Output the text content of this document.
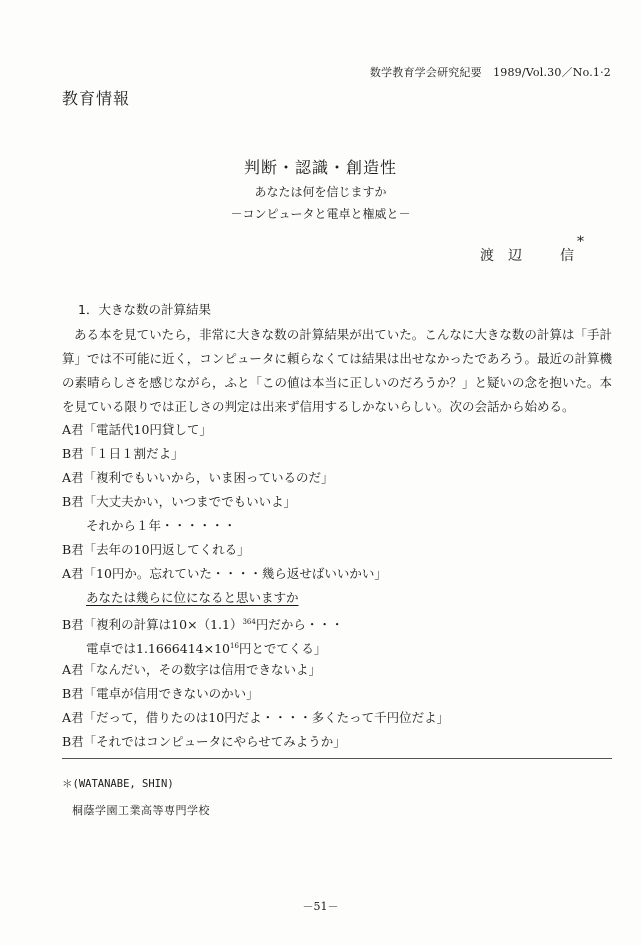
数学教育学会研究紀要　1989/Vol.30／No.1·2
教育情報
判断・認識・創造性
あなたは何を信じますか
－コンピュータと電卓と権威と－
渡　辺	信
*
1．大きな数の計算結果

ある本を見ていたら，非常に大きな数の計算結果が出ていた。こんなに大きな数の計算は「手計算」では不可能に近く，コンピュータに頼らなくては結果は出せなかったであろう。最近の計算機の素晴らしさを感じながら，ふと「この値は本当に正しいのだろうか？」と疑いの念を抱いた。本を見ている限りでは正しさの判定は出来ず信用するしかないらしい。次の会話から始める。

A君「電話代10円貸して」
B君「１日１割だよ」
A君「複利でもいいから，いま困っているのだ」
B君「大丈夫かい，いつまででもいいよ」
それから１年・・・・・・
B君「去年の10円返してくれる」
A君「10円か。忘れていた・・・・幾ら返せばいいかい」
あなたは幾らに位になると思いますか
B君「複利の計算は$10\times(1.1)^{364}$円だから・・・
電卓では$1.1666414\times 10^{16}$円とでてくる」
A君「なんだい，その数字は信用できないよ」
B君「電卓が信用できないのかい」
A君「だって，借りたのは10円だよ・・・・多くたって千円位だよ」
B君「それではコンピュータにやらせてみようか」
＊(WATANABE, SHIN)
桐蔭学園工業高等専門学校
－51－
